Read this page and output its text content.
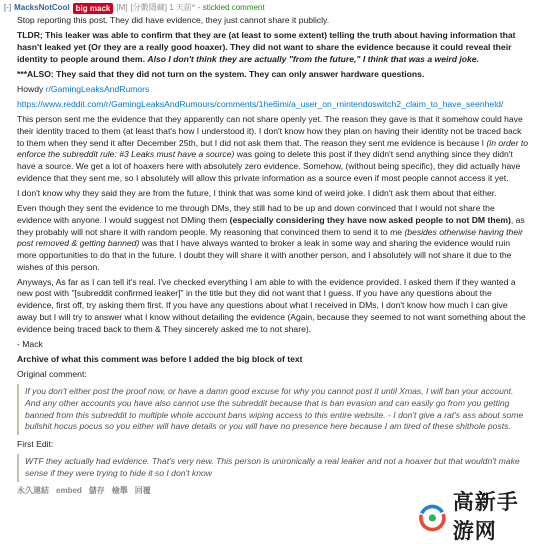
[-] MacksNotCool big mack [M] [分數隱藏] 1 天前* - stickied comment

Stop reporting this post. They did have evidence, they just cannot share it publicly.

TLDR; This leaker was able to confirm that they are (at least to some extent) telling the truth about having information that hasn't leaked yet (Or they are a really good hoaxer). They did not want to share the evidence because it could reveal their identity to people around them. Also I don't think they are actually "from the future," I think that was a weird joke.

***ALSO: They said that they did not turn on the system. They can only answer hardware questions.

Howdy r/GamingLeaksAndRumors

https://www.reddit.com/r/GamingLeaksAndRumours/comments/1he6imi/a_user_on_rnintendoswitch2_claim_to_have_seenheld/

This person sent me the evidence that they apparently can not share openly yet. The reason they gave is that it somehow could have their identity traced to them (at least that's how I understood it). I don't know how they plan on having their identity not be traced back to them when they send it after December 25th, but I did not ask them that. The reason they sent me evidence is because I (in order to enforce the subreddit rule: #3 Leaks must have a source) was going to delete this post if they didn't send anything since they didn't have a source. We get a lot of hoaxers here with absolutely zero evidence. Somehow, (without being specific), they did actually have evidence that they sent me, so I absolutely will allow this private information as a source even if most people cannot access it yet.

I don't know why they said they are from the future, I think that was some kind of weird joke. I didn't ask them about that either.

Even though they sent the evidence to me through DMs, they still had to be up and down convinced that I would not share the evidence with anyone. I would suggest not DMing them (especially considering they have now asked people to not DM them), as they probably will not share it with random people. My reasoning that convinced them to send it to me (besides otherwise having their post removed & getting banned) was that I have always wanted to broker a leak in some way and sharing the evidence would ruin more opportunities to do that in the future. I doubt they will share it with another person, and I absolutely will not share it due to the wishes of this person.

Anyways, As far as I can tell it's real. I've checked everything I am able to with the evidence provided. I asked them if they wanted a new post with "[subreddit confirmed leaker]" in the title but they did not want that I guess. If you have any questions about the evidence, first off, try asking them first. If you have any questions about what I received in DMs, I don't know how much I can give away but I will try to answer what I know without detailing the evidence (Again, because they seemed to not want something about the evidence being traced back to them & They sincerely asked me to not share).

- Mack

Archive of what this comment was before I added the big block of text

Original comment:

If you don't either post the proof now, or have a damn good excuse for why you cannot post it until Xmas, I will ban your account. And any other accounts you have also cannot use the subreddit because that is ban evasion and can easily go from you getting banned from this subreddit to multiple whole account bans wiping access to this entire website. - I don't give a rat's ass about some bullshit hocus pocus so you either will have details or you will have no presence here because I am tired of these shithole posts.

First Edit:

WTF they actually had evidence. That's very new. This person is unironically a real leaker and not a hoaxer but that wouldn't make sense if they were trying to hide it so I don't know
永久連結 embed 儲存 檢舉 回覆
高新手游网
